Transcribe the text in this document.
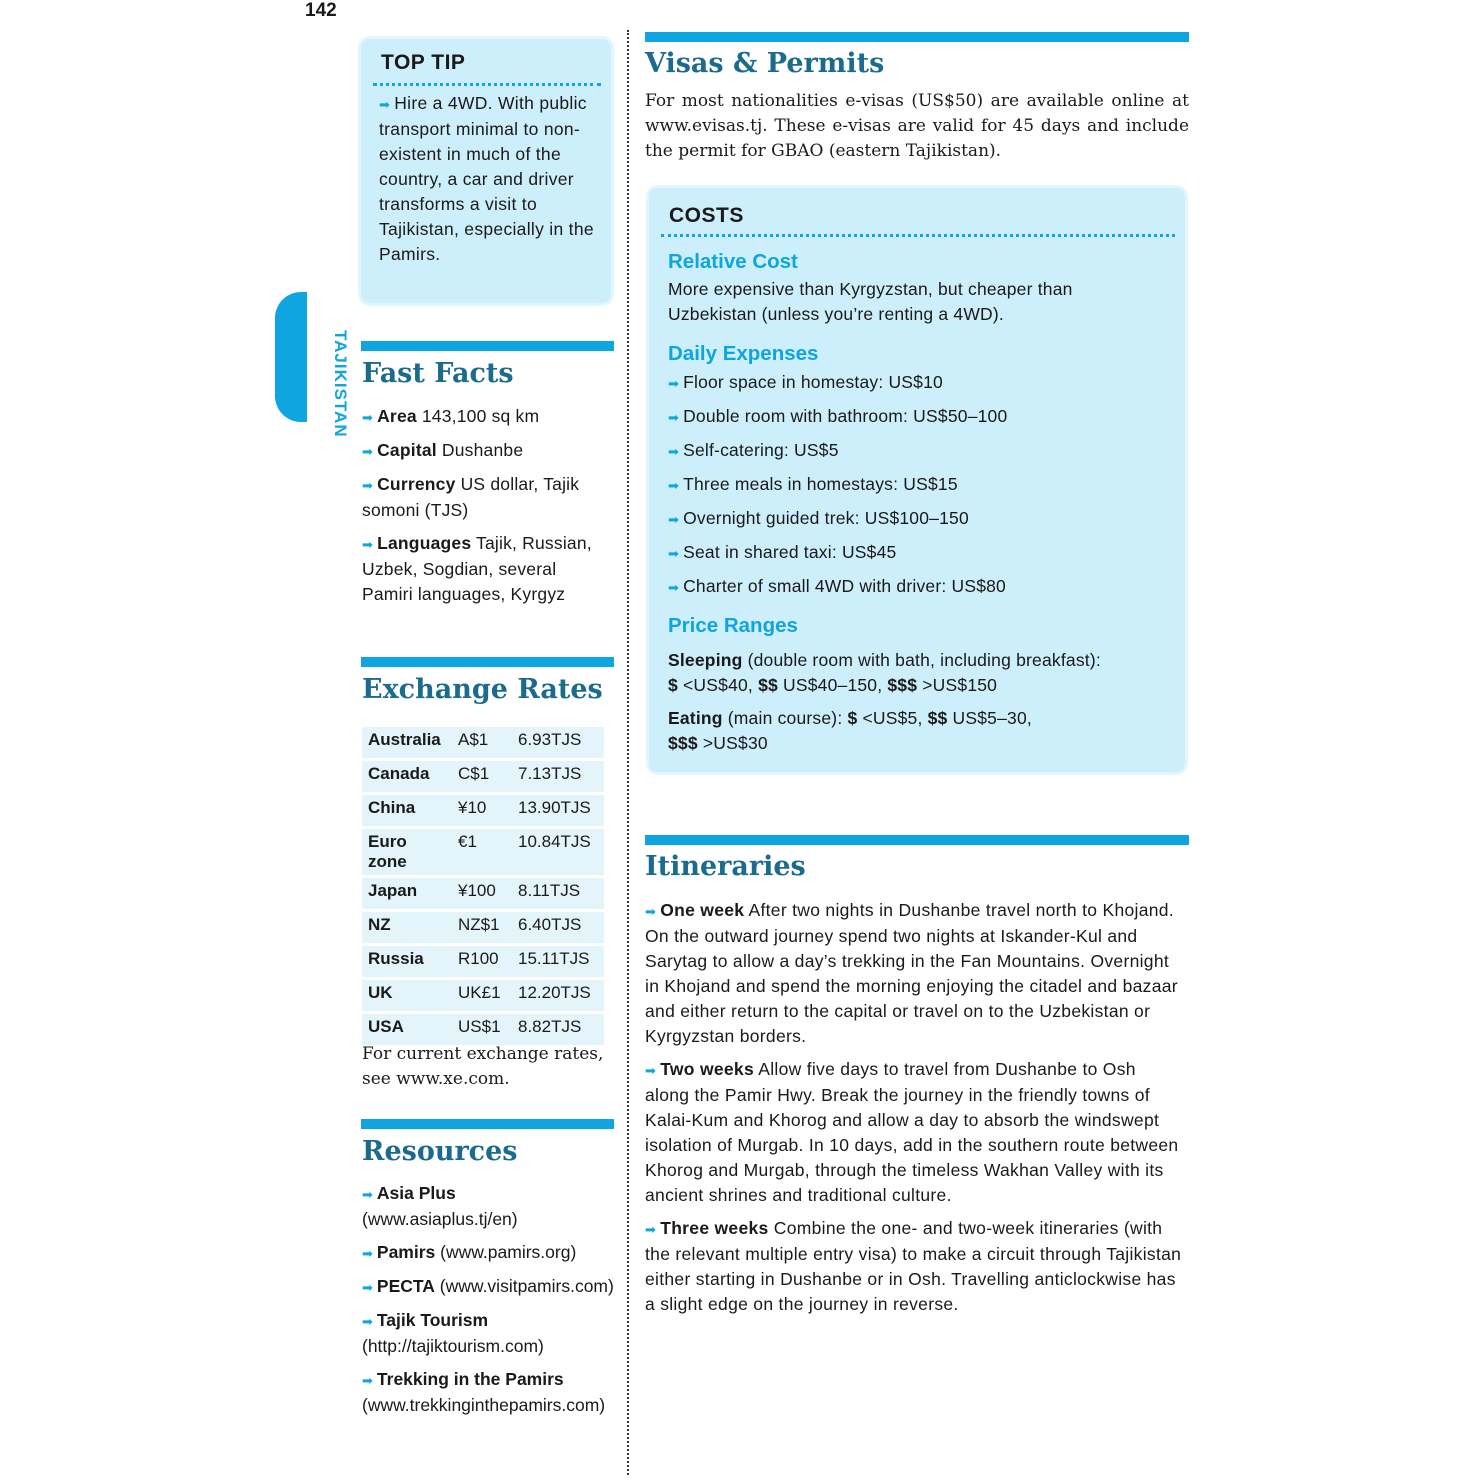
142
TAJIKISTAN
TOP TIP
➡ Hire a 4WD. With public transport minimal to non-existent in much of the country, a car and driver transforms a visit to Tajikistan, especially in the Pamirs.
Fast Facts
➡ Area 143,100 sq km
➡ Capital Dushanbe
➡ Currency US dollar, Tajik somoni (TJS)
➡ Languages Tajik, Russian, Uzbek, Sogdian, several Pamiri languages, Kyrgyz
Exchange Rates
Australia	A$1	6.93TJS
Canada	C$1	7.13TJS
China	¥10	13.90TJS
Euro zone	€1	10.84TJS
Japan	¥100	8.11TJS
NZ	NZ$1	6.40TJS
Russia	R100	15.11TJS
UK	UK£1	12.20TJS
USA	US$1	8.82TJS
For current exchange rates, see www.xe.com.
Resources
➡ Asia Plus (www.asiaplus.tj/en)
➡ Pamirs (www.pamirs.org)
➡ PECTA (www.visitpamirs.com)
➡ Tajik Tourism (http://tajiktourism.com)
➡ Trekking in the Pamirs (www.trekkinginthepamirs.com)
Visas & Permits
For most nationalities e-visas (US$50) are available online at www.evisas.tj. These e-visas are valid for 45 days and include the permit for GBAO (eastern Tajikistan).
COSTS
Relative Cost
More expensive than Kyrgyzstan, but cheaper than Uzbekistan (unless you’re renting a 4WD).
Daily Expenses
➡ Floor space in homestay: US$10
➡ Double room with bathroom: US$50–100
➡ Self-catering: US$5
➡ Three meals in homestays: US$15
➡ Overnight guided trek: US$100–150
➡ Seat in shared taxi: US$45
➡ Charter of small 4WD with driver: US$80
Price Ranges
Sleeping (double room with bath, including breakfast):
$ <US$40, $$ US$40–150, $$$ >US$150
Eating (main course): $ <US$5, $$ US$5–30,
$$$ >US$30
Itineraries
➡ One week After two nights in Dushanbe travel north to Khojand. On the outward journey spend two nights at Iskander-Kul and Sarytag to allow a day’s trekking in the Fan Mountains. Overnight in Khojand and spend the morning enjoying the citadel and bazaar and either return to the capital or travel on to the Uzbekistan or Kyrgyzstan borders.
➡ Two weeks Allow five days to travel from Dushanbe to Osh along the Pamir Hwy. Break the journey in the friendly towns of Kalai-Kum and Khorog and allow a day to absorb the windswept isolation of Murgab. In 10 days, add in the southern route between Khorog and Murgab, through the timeless Wakhan Valley with its ancient shrines and traditional culture.
➡ Three weeks Combine the one- and two-week itineraries (with the relevant multiple entry visa) to make a circuit through Tajikistan either starting in Dushanbe or in Osh. Travelling anticlockwise has a slight edge on the journey in reverse.
